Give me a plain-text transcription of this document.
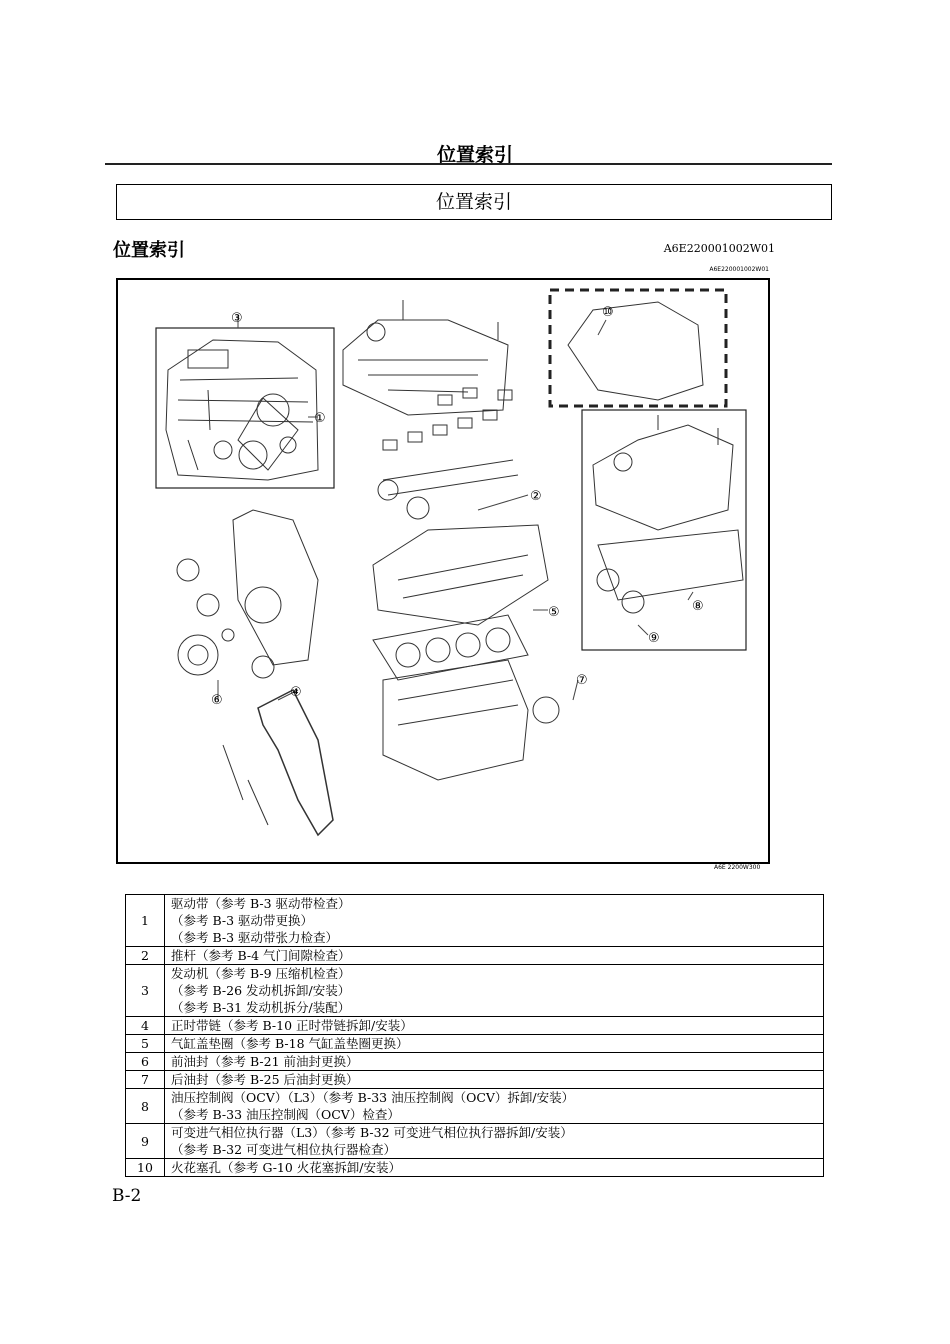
位置索引
位置索引
位置索引	A6E220001002W01
A6E220001002W01
①
②
③
④
⑤
⑥
⑦
⑧
⑨
⑩
A6E 2200W300
1	驱动带（参考 B-3 驱动带检查）
（参考 B-3 驱动带更换）
（参考 B-3 驱动带张力检查）

2	推杆（参考 B-4 气门间隙检查）

3	发动机（参考 B-9 压缩机检查）
（参考 B-26 发动机拆卸/安装）
（参考 B-31 发动机拆分/装配）

4	正时带链（参考 B-10 正时带链拆卸/安装）

5	气缸盖垫圈（参考 B-18 气缸盖垫圈更换）

6	前油封（参考 B-21 前油封更换）

7	后油封（参考 B-25 后油封更换）

8	油压控制阀（OCV）（L3）（参考 B-33 油压控制阀（OCV）拆卸/安装）
（参考 B-33 油压控制阀（OCV）检查）

9	可变进气相位执行器（L3）（参考 B-32 可变进气相位执行器拆卸/安装）
（参考 B-32 可变进气相位执行器检查）

10	火花塞孔（参考 G-10 火花塞拆卸/安装）
B-2
